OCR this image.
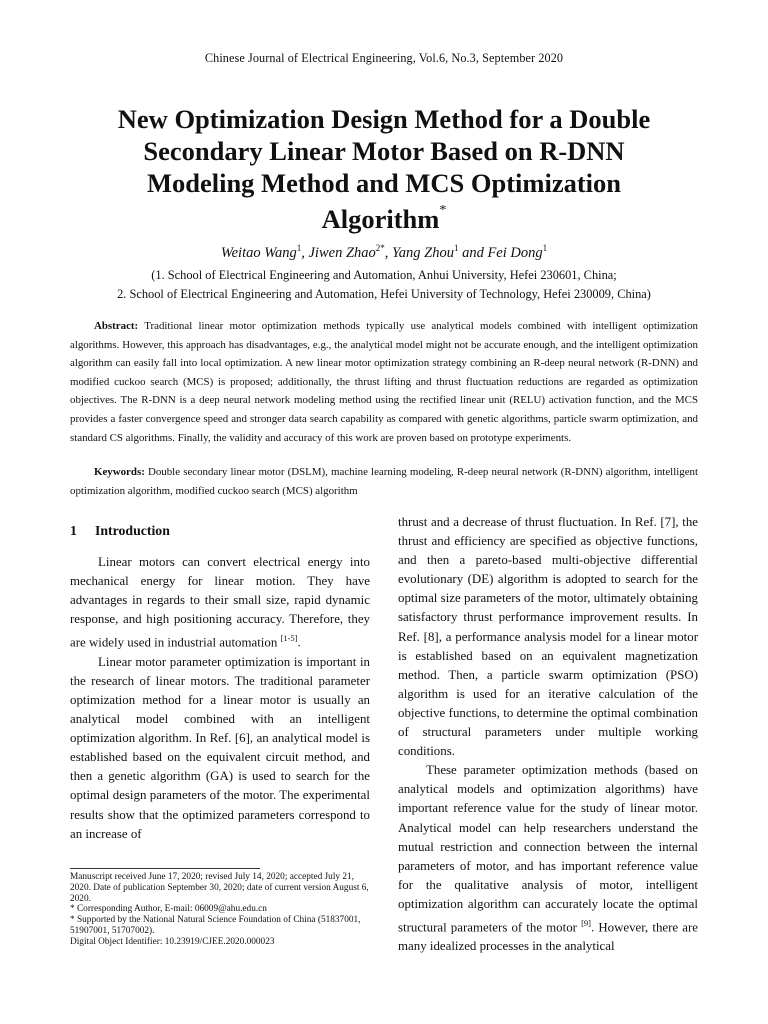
Chinese Journal of Electrical Engineering, Vol.6, No.3, September 2020
New Optimization Design Method for a Double
Secondary Linear Motor Based on R-DNN
Modeling Method and MCS Optimization
Algorithm*
Weitao Wang$^1$, Jiwen Zhao$^{2*}$, Yang Zhou$^1$ and Fei Dong$^1$
(1. School of Electrical Engineering and Automation, Anhui University, Hefei 230601, China;
2. School of Electrical Engineering and Automation, Hefei University of Technology, Hefei 230009, China)

Abstract: Traditional linear motor optimization methods typically use analytical models combined with intelligent optimization algorithms. However, this approach has disadvantages, e.g., the analytical model might not be accurate enough, and the intelligent optimization algorithm can easily fall into local optimization. A new linear motor optimization strategy combining an R-deep neural network (R-DNN) and modified cuckoo search (MCS) is proposed; additionally, the thrust lifting and thrust fluctuation reductions are regarded as optimization objectives. The R-DNN is a deep neural network modeling method using the rectified linear unit (RELU) activation function, and the MCS provides a faster convergence speed and stronger data search capability as compared with genetic algorithms, particle swarm optimization, and standard CS algorithms. Finally, the validity and accuracy of this work are proven based on prototype experiments.

Keywords: Double secondary linear motor (DSLM), machine learning modeling, R-deep neural network (R-DNN) algorithm, intelligent optimization algorithm, modified cuckoo search (MCS) algorithm

1 Introduction

Linear motors can convert electrical energy into mechanical energy for linear motion. They have advantages in regards to their small size, rapid dynamic response, and high positioning accuracy. Therefore, they are widely used in industrial automation [1-5].

Linear motor parameter optimization is important in the research of linear motors. The traditional parameter optimization method for a linear motor is usually an analytical model combined with an intelligent optimization algorithm. In Ref. [6], an analytical model is established based on the equivalent circuit method, and then a genetic algorithm (GA) is used to search for the optimal design parameters of the motor. The experimental results show that the optimized parameters correspond to an increase of

thrust and a decrease of thrust fluctuation. In Ref. [7], the thrust and efficiency are specified as objective functions, and then a pareto-based multi-objective differential evolutionary (DE) algorithm is adopted to search for the optimal size parameters of the motor, ultimately obtaining satisfactory thrust performance improvement results. In Ref. [8], a performance analysis model for a linear motor is established based on an equivalent magnetization method. Then, a particle swarm optimization (PSO) algorithm is used for an iterative calculation of the objective functions, to determine the optimal combination of structural parameters under multiple working conditions.

These parameter optimization methods (based on analytical models and optimization algorithms) have important reference value for the study of linear motor. Analytical model can help researchers understand the mutual restriction and connection between the internal parameters of motor, and has important reference value for the qualitative analysis of motor, intelligent optimization algorithm can accurately locate the optimal structural parameters of the motor [9]. However, there are many idealized processes in the analytical

Manuscript received June 17, 2020; revised July 14, 2020; accepted July 21, 2020. Date of publication September 30, 2020; date of current version August 6, 2020.

* Corresponding Author, E-mail: 06009@ahu.edu.cn

* Supported by the National Natural Science Foundation of China (51837001, 51907001, 51707002).

Digital Object Identifier: 10.23919/CJEE.2020.000023
